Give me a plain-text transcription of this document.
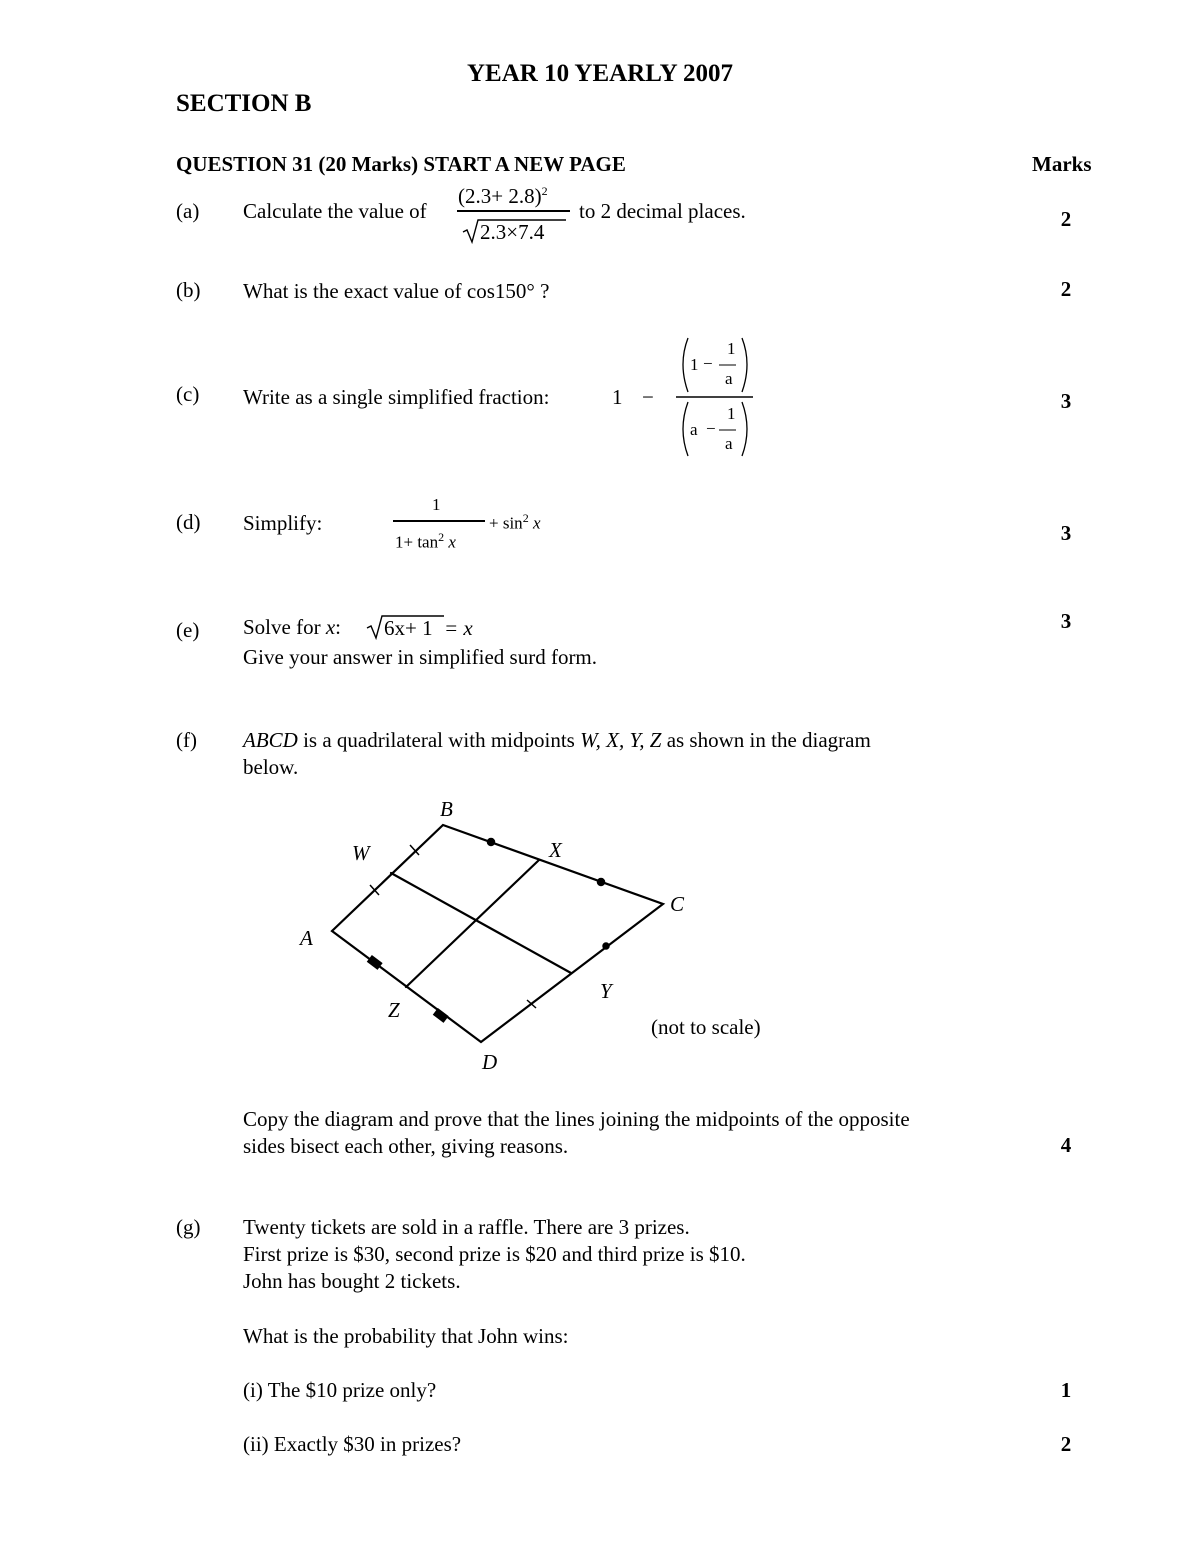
YEAR 10 YEARLY 2007
SECTION B
QUESTION 31 (20 Marks) START A NEW PAGE	Marks
(a) Calculate the value of
$(2.3+ 2.8)^2$
2.3×7.4
to 2 decimal places.	2
(b) What is the exact value of cos150° ?	2
(c) Write as a single simplified fraction:	1 −
1 −
1
a
a −
1
a
3
(d) Simplify:
1
$1+ \tan^2 x$
+ $\sin^2 x$	3
(e) Solve for x: 6x+ 1 = x
Give your answer in simplified surd form.
3
(f) ABCD is a quadrilateral with midpoints W, X, Y, Z as shown in the diagram
below.
B
W	X
C
A
Y
Z
D
(not to scale)
Copy the diagram and prove that the lines joining the midpoints of the opposite
sides bisect each other, giving reasons.	4
(g) Twenty tickets are sold in a raffle. There are 3 prizes.
First prize is $30, second prize is $20 and third prize is $10.
John has bought 2 tickets.
What is the probability that John wins:
(i) The $10 prize only?	1
(ii) Exactly $30 in prizes?	2
